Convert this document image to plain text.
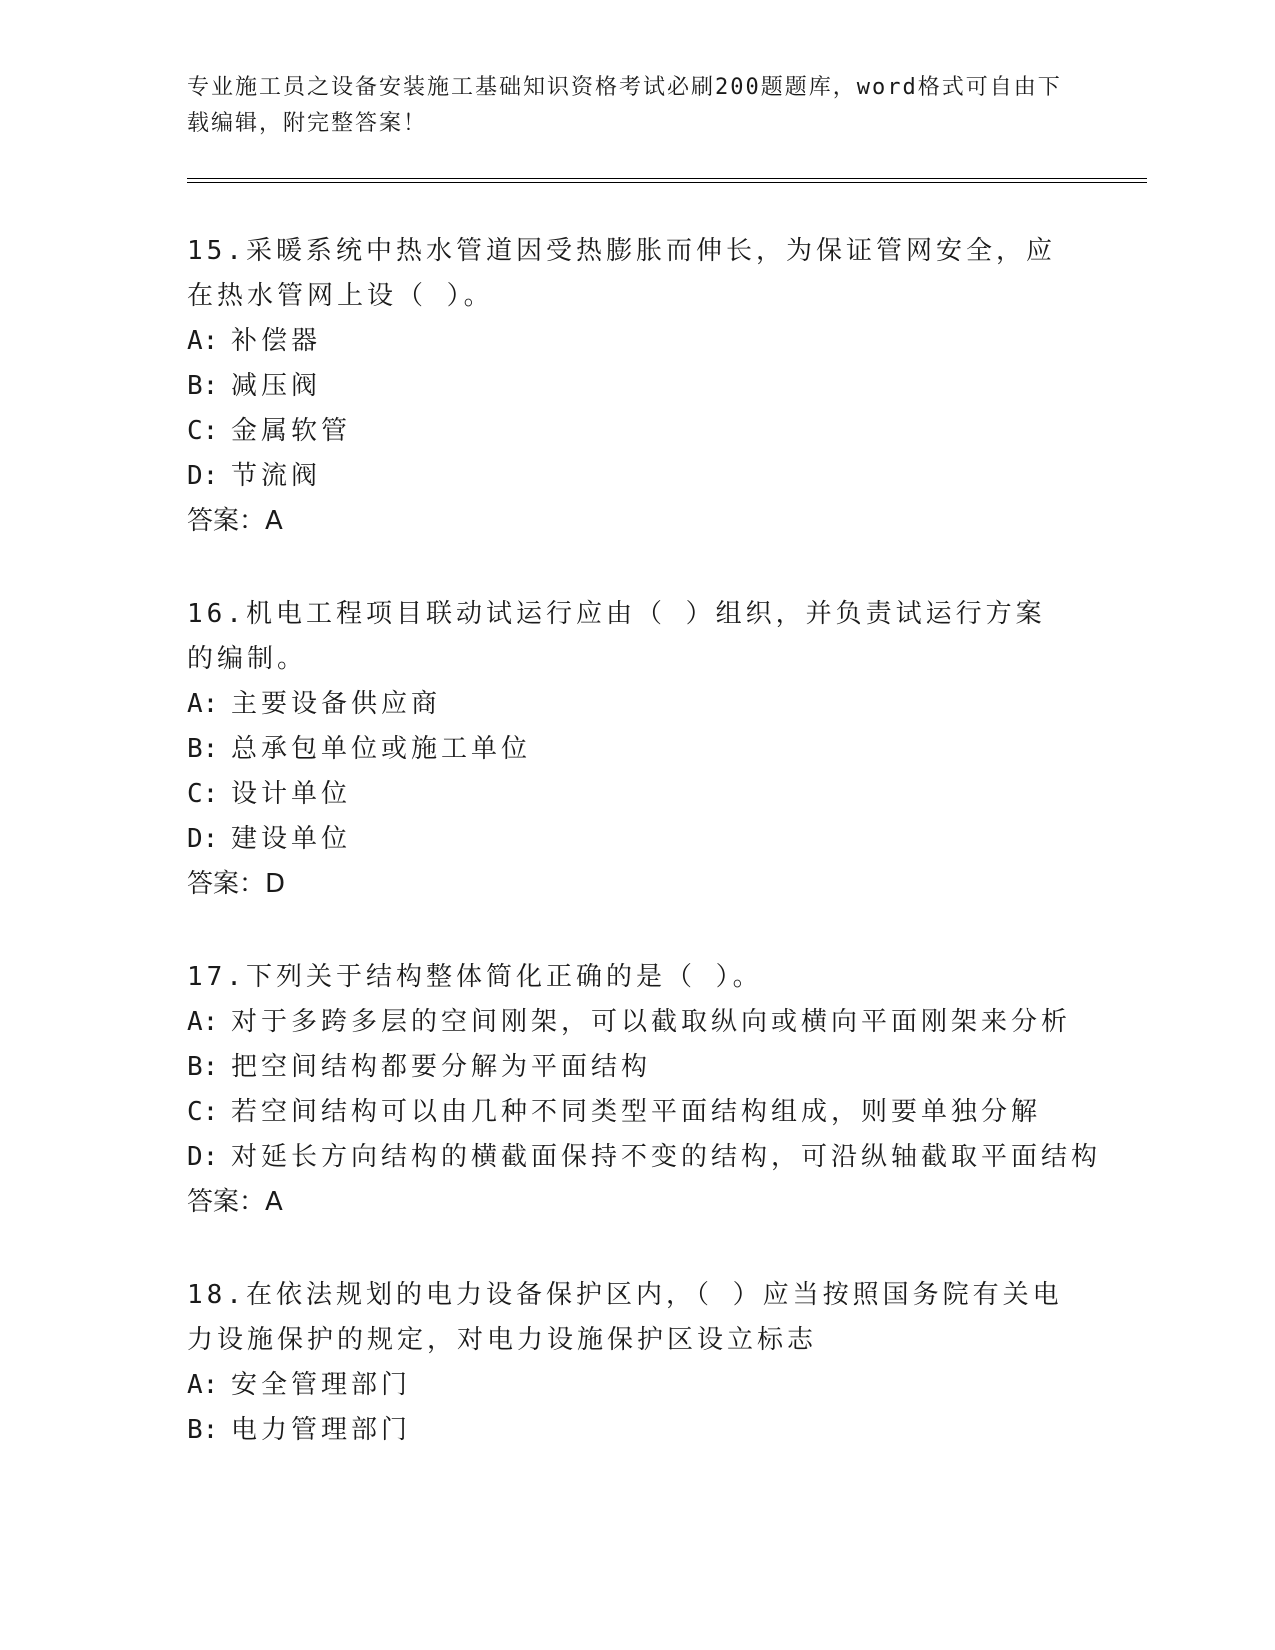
专业施工员之设备安装施工基础知识资格考试必刷200题题库，word格式可自由下载编辑，附完整答案！

15.采暖系统中热水管道因受热膨胀而伸长，为保证管网安全，应在热水管网上设（ ）。

A: 补偿器

B: 减压阀

C: 金属软管

D: 节流阀

答案：A

16.机电工程项目联动试运行应由（ ）组织，并负责试运行方案的编制。

A: 主要设备供应商

B: 总承包单位或施工单位

C: 设计单位

D: 建设单位

答案：D

17.下列关于结构整体简化正确的是（ ）。

A: 对于多跨多层的空间刚架，可以截取纵向或横向平面刚架来分析

B: 把空间结构都要分解为平面结构

C: 若空间结构可以由几种不同类型平面结构组成，则要单独分解

D: 对延长方向结构的横截面保持不变的结构，可沿纵轴截取平面结构

答案：A

18.在依法规划的电力设备保护区内，（ ）应当按照国务院有关电力设施保护的规定，对电力设施保护区设立标志

A: 安全管理部门

B: 电力管理部门
